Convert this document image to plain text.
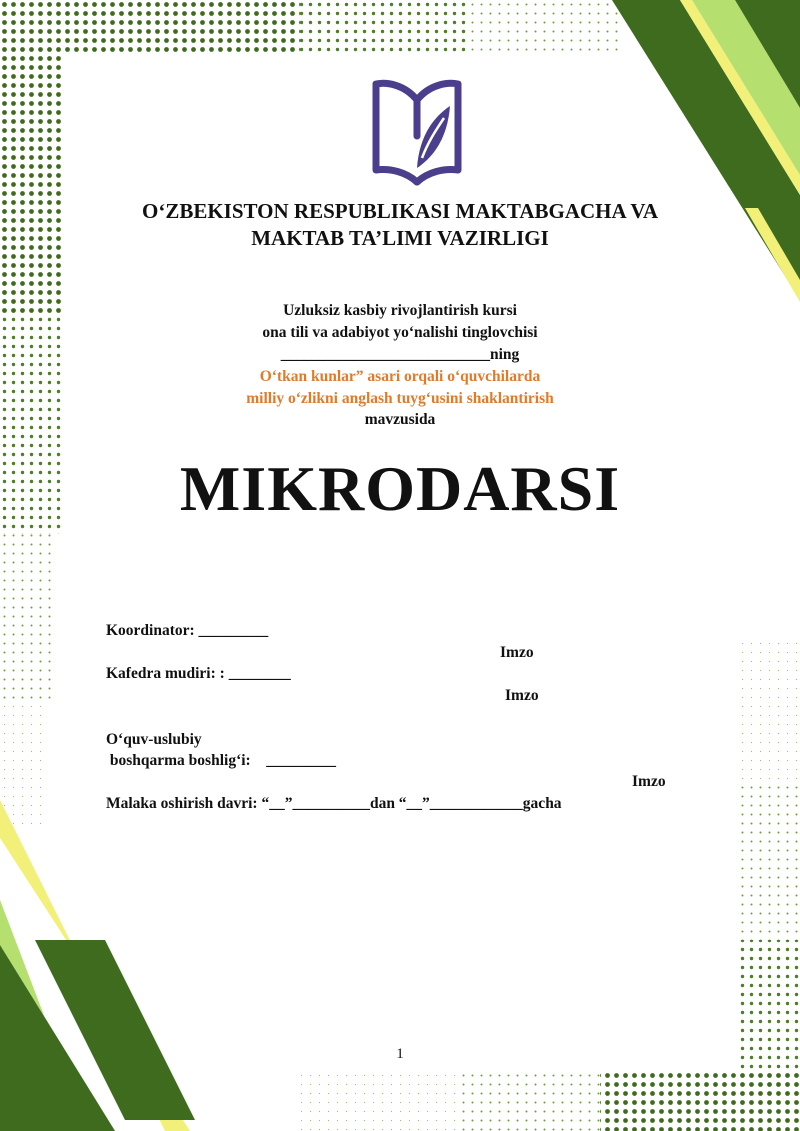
O‘ZBEKISTON RESPUBLIKASI MAKTABGACHA VA
MAKTAB TA’LIMI VAZIRLIGI
Uzluksiz kasbiy rivojlantirish kursi
ona tili va adabiyot yo‘nalishi tinglovchisi
___________________________ning
O‘tkan kunlar” asari orqali o‘quvchilarda
milliy o‘zlikni anglash tuyg‘usini shaklantirish
mavzusida
MIKRODARSI
Koordinator: _________
Imzo
Kafedra mudiri: : ________
Imzo
O‘quv-uslubiy
boshqarma boshlig‘i:    _________
Imzo
Malaka oshirish davri: “__”__________dan “__”____________gacha
1
